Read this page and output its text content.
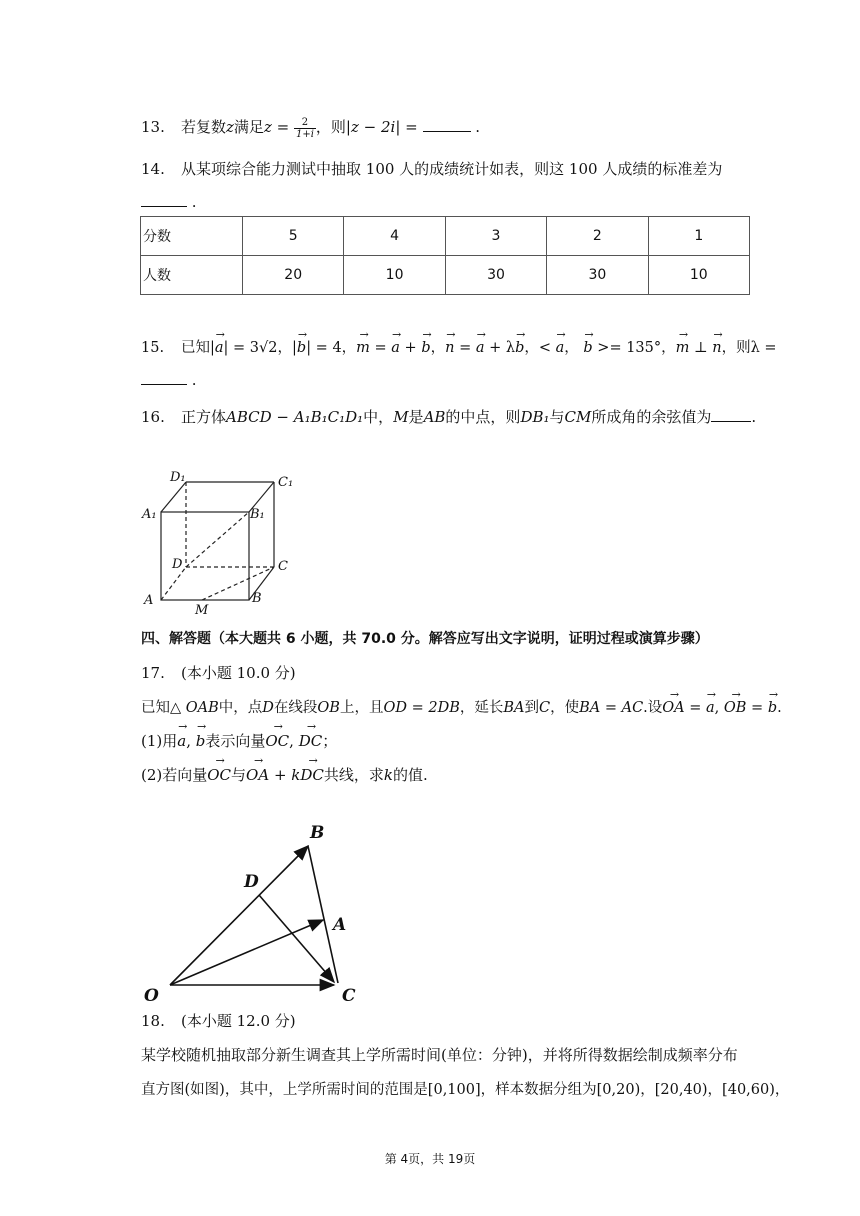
13. 若复数z满足$z = \frac{2}{1+i}$ ，则|z − 2i| =	.
14. 从某项综合能力测试中抽取 100 人的成绩统计如表，则这 100 人成绩的标准差为
.
分数	5	4	3	2	1
人数	20	10	30	30	10
15. 已知|→ a| = 3√2，|→ b| = 4，→ m = → a + → b，→ n = → a + λ→ b，< → a， → b >= 135°，→ m ⊥ → n，则λ =
.
16. 正方体ABCD − A₁B₁C₁D₁中，M是AB的中点，则DB₁与CM所成角的余弦值为	.
D₁	C₁
A₁	B₁
D	C
A	B
M
四、解答题（本大题共 6 小题，共 70.0 分。解答应写出文字说明，证明过程或演算步骤）
17. (本小题 10.0 分)
已知△ OAB中，点D在线段OB上，且OD = 2DB，延长BA到C，使BA = AC.设→ OA = → a, → OB = → b.
(1)用→ a, → b表示向量→ OC, → DC；
(2)若向量→ OC与→ OA + k→ DC共线，求k的值.
B
D
A
O	C
18. (本小题 12.0 分)
某学校随机抽取部分新生调查其上学所需时间(单位：分钟)，并将所得数据绘制成频率分布
直方图(如图)，其中，上学所需时间的范围是[0,100]，样本数据分组为[0,20)，[20,40)，[40,60)，
第 4页，共 19页
